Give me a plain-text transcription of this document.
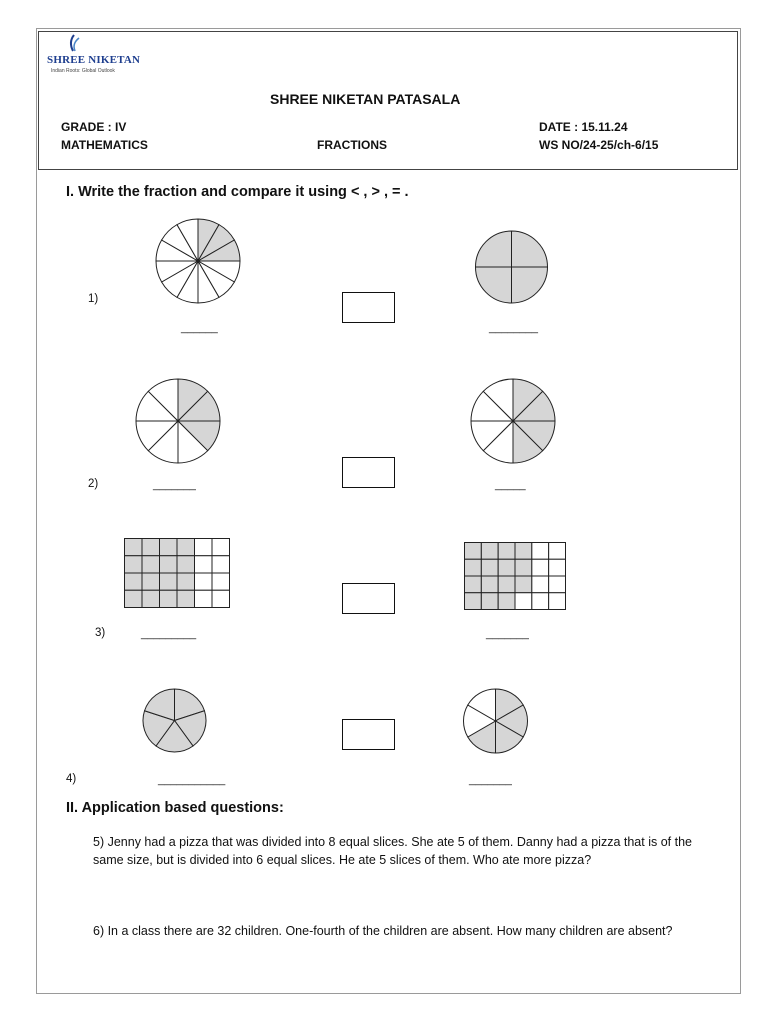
SHREE NIKETAN
Indian Roots: Global Outlook
SHREE NIKETAN PATASALA
GRADE : IV	DATE : 15.11.24
MATHEMATICS	FRACTIONS	WS NO/24-25/ch-6/15
I. Write the fraction and compare it using < , > , = .
1)
______	________
2)	_______	_____
3)	_________	_______
4)	___________	_______
II. Application based questions:
5) Jenny had a pizza that was divided into 8 equal slices. She ate 5 of them. Danny had a pizza that is of the same size, but is divided into 6 equal slices. He ate 5 slices of them. Who ate more pizza?
6) In a class there are 32 children. One-fourth of the children are absent. How many children are absent?
